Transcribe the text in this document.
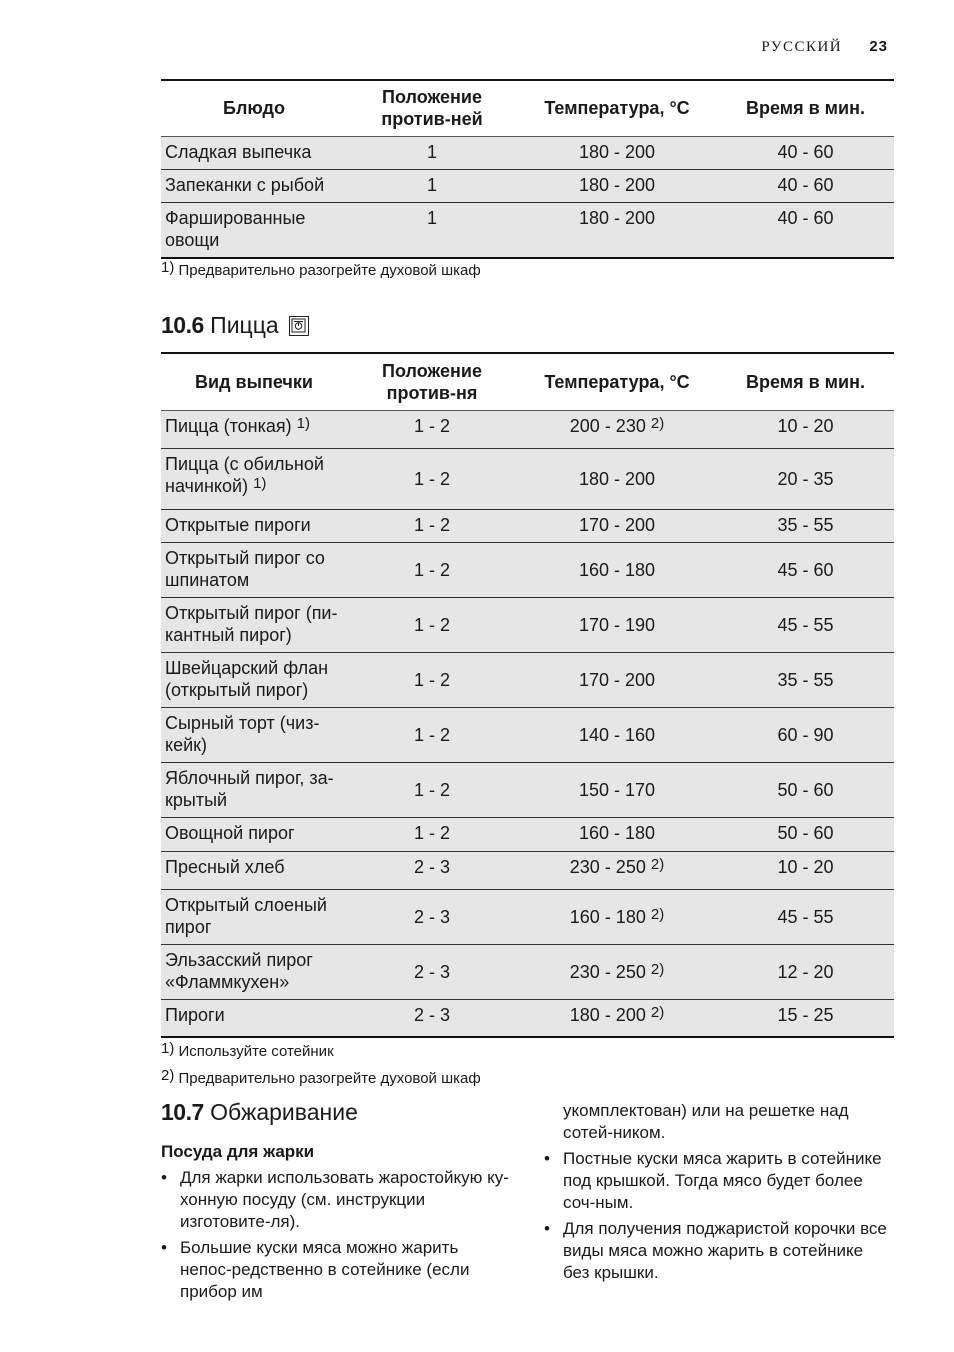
РУССКИЙ 23
Блюдо	Положение против-ней	Температура, °C	Время в мин.
Сладкая выпечка	1	180 - 200	40 - 60
Запеканки с рыбой	1	180 - 200	40 - 60
Фаршированные овощи	1	180 - 200	40 - 60
$^{1)}$ Предварительно разогрейте духовой шкаф
10.6 Пицца
Вид выпечки	Положение против-ня	Температура, °C	Время в мин.
Пицца (тонкая) $^{1)}$	1 - 2	200 - 230 $^{2)}$	10 - 20
Пицца (с обильной начинкой) $^{1)}$	1 - 2	180 - 200	20 - 35
Открытые пироги	1 - 2	170 - 200	35 - 55
Открытый пирог со шпинатом	1 - 2	160 - 180	45 - 60
Открытый пирог (пи-кантный пирог)	1 - 2	170 - 190	45 - 55
Швейцарский флан (открытый пирог)	1 - 2	170 - 200	35 - 55
Сырный торт (чиз-кейк)	1 - 2	140 - 160	60 - 90
Яблочный пирог, за-крытый	1 - 2	150 - 170	50 - 60
Овощной пирог	1 - 2	160 - 180	50 - 60
Пресный хлеб	2 - 3	230 - 250 $^{2)}$	10 - 20
Открытый слоеный пирог	2 - 3	160 - 180 $^{2)}$	45 - 55
Эльзасский пирог «Фламмкухен»	2 - 3	230 - 250 $^{2)}$	12 - 20
Пироги	2 - 3	180 - 200 $^{2)}$	15 - 25
$^{1)}$ Используйте сотейник
$^{2)}$ Предварительно разогрейте духовой шкаф
10.7 Обжаривание
Посуда для жарки
• Для жарки использовать жаростойкую ку-хонную посуду (см. инструкции изготовите-ля).
• Большие куски мяса можно жарить непос-редственно в сотейнике (если прибор им
укомплектован) или на решетке над сотей-ником.
• Постные куски мяса жарить в сотейнике под крышкой. Тогда мясо будет более соч-ным.
• Для получения поджаристой корочки все виды мяса можно жарить в сотейнике без крышки.
